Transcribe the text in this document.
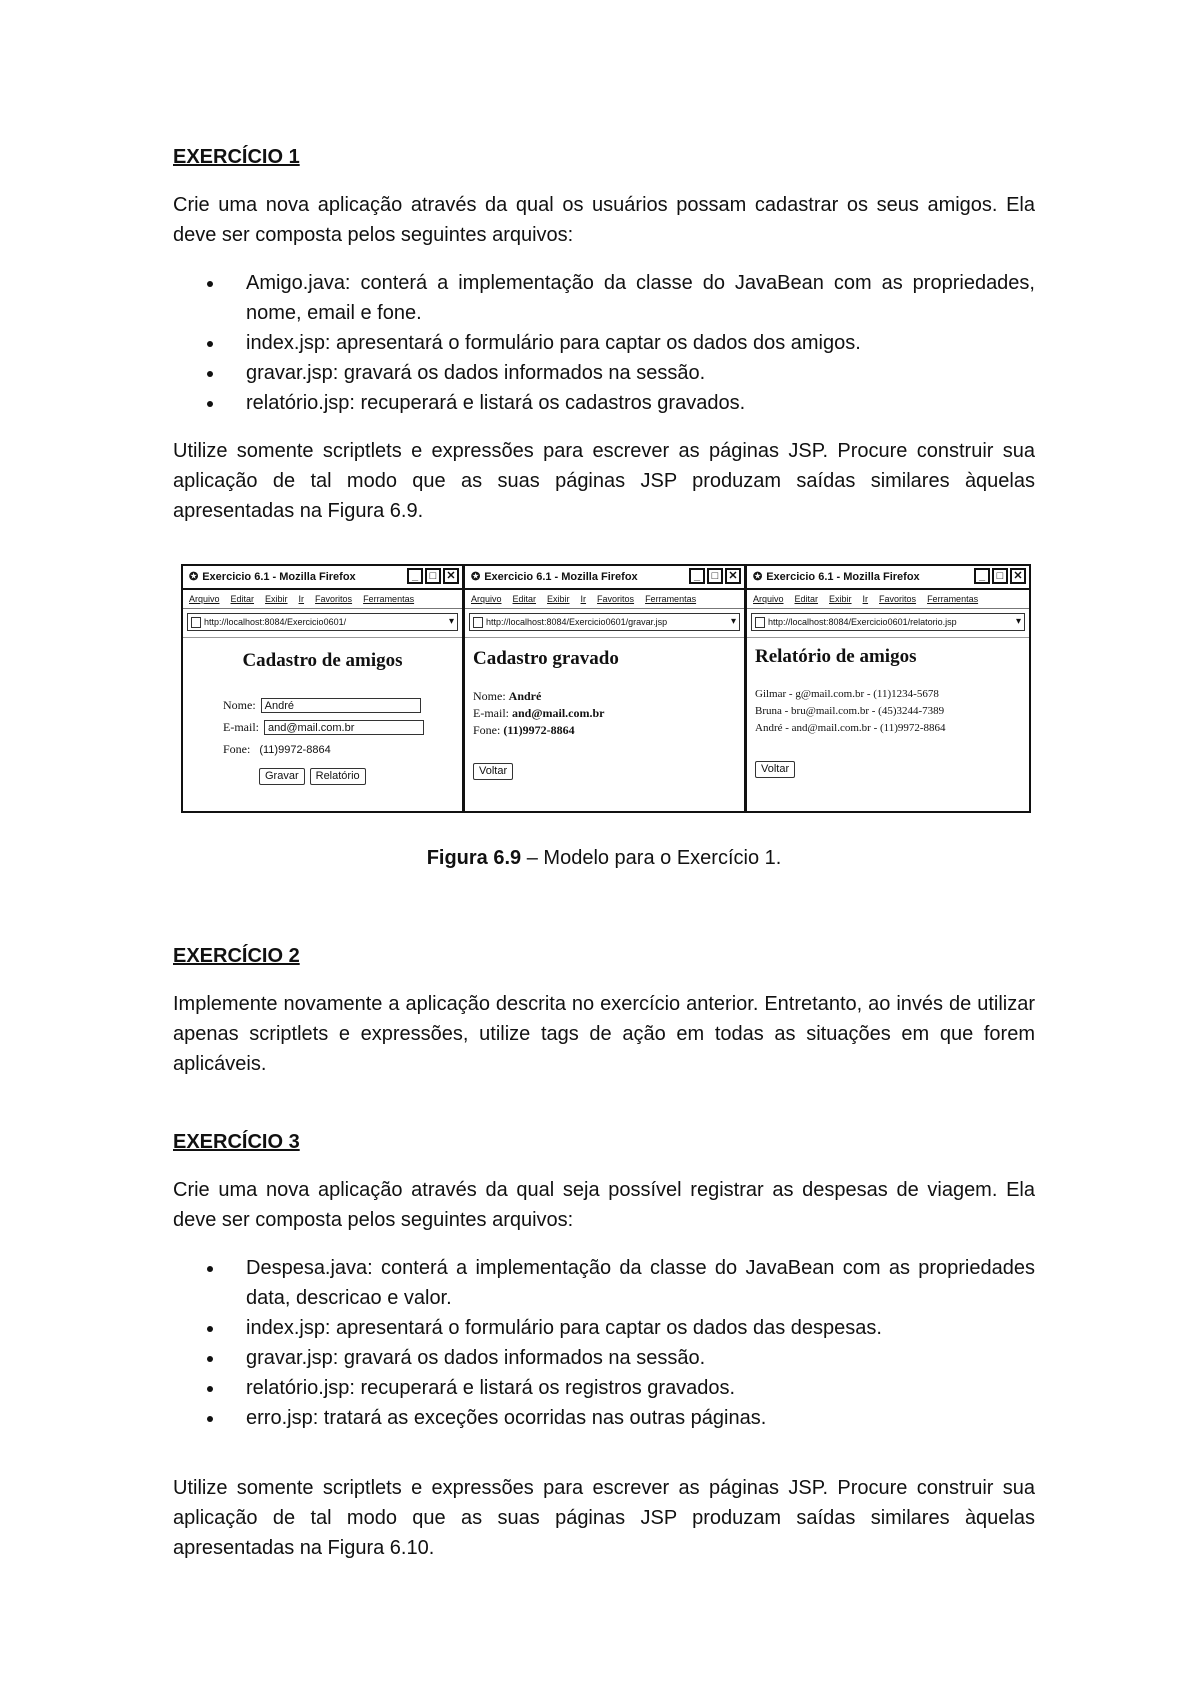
EXERCÍCIO 1

Crie uma nova aplicação através da qual os usuários possam cadastrar os seus amigos. Ela deve ser composta pelos seguintes arquivos:

Amigo.java: conterá a implementação da classe do JavaBean com as propriedades, nome, email e fone.
index.jsp: apresentará o formulário para captar os dados dos amigos.
gravar.jsp: gravará os dados informados na sessão.
relatório.jsp: recuperará e listará os cadastros gravados.

Utilize somente scriptlets e expressões para escrever as páginas JSP. Procure construir sua aplicação de tal modo que as suas páginas JSP produzam saídas similares àquelas apresentadas na Figura 6.9.

✪ Exercicio 6.1 - Mozilla Firefox	_	□ ✕
Arquivo Editar Exibir Ir Favoritos Ferramentas
http://localhost:8084/Exercicio0601/	▾
Cadastro de amigos
Nome: André
E-mail: and@mail.com.br
Fone: (11)9972-8864
Gravar Relatório
✪ Exercicio 6.1 - Mozilla Firefox	_	□ ✕
Arquivo Editar Exibir Ir Favoritos Ferramentas
http://localhost:8084/Exercicio0601/gravar.jsp	▾
Cadastro gravado
Nome: André
E-mail: and@mail.com.br
Fone: (11)9972-8864
Voltar
✪ Exercicio 6.1 - Mozilla Firefox	_	□ ✕
Arquivo Editar Exibir Ir Favoritos Ferramentas
http://localhost:8084/Exercicio0601/relatorio.jsp	▾
Relatório de amigos
Gilmar - g@mail.com.br - (11)1234-5678
Bruna - bru@mail.com.br - (45)3244-7389
André - and@mail.com.br - (11)9972-8864
Voltar

Figura 6.9 – Modelo para o Exercício 1.

EXERCÍCIO 2

Implemente novamente a aplicação descrita no exercício anterior. Entretanto, ao invés de utilizar apenas scriptlets e expressões, utilize tags de ação em todas as situações em que forem aplicáveis.

EXERCÍCIO 3

Crie uma nova aplicação através da qual seja possível registrar as despesas de viagem. Ela deve ser composta pelos seguintes arquivos:

Despesa.java: conterá a implementação da classe do JavaBean com as propriedades data, descricao e valor.
index.jsp: apresentará o formulário para captar os dados das despesas.
gravar.jsp: gravará os dados informados na sessão.
relatório.jsp: recuperará e listará os registros gravados.
erro.jsp: tratará as exceções ocorridas nas outras páginas.

Utilize somente scriptlets e expressões para escrever as páginas JSP. Procure construir sua aplicação de tal modo que as suas páginas JSP produzam saídas similares àquelas apresentadas na Figura 6.10.
